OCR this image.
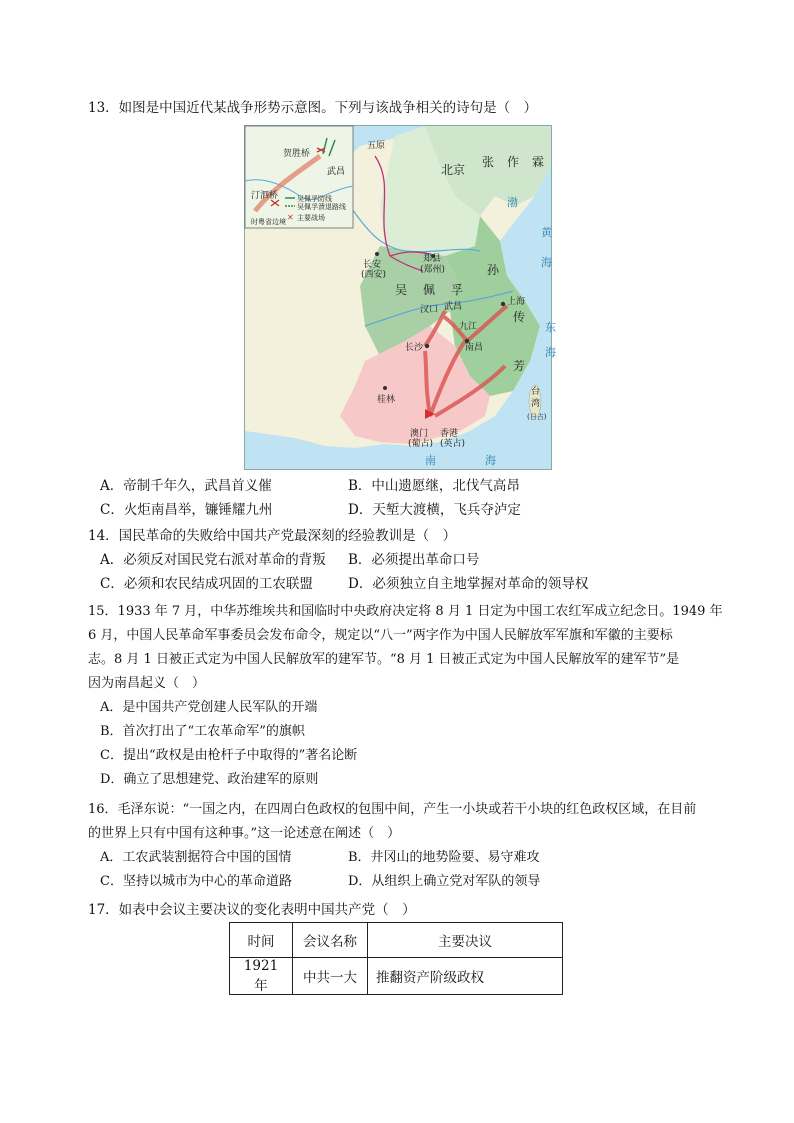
13．如图是中国近代某战争形势示意图。下列与该战争相关的诗句是（　）
贺胜桥
汀泗桥
武昌
时粤省边境
吴佩孚防线
吴佩孚溃退路线
✕ 主要战场
张 作 霖
吴 佩 孚
孙
传
芳
五原
北京
郑县
(郑州)
长安
(西安)
汉口 武昌
九江
南昌
长沙
上海
桂林
澳门
(葡占)
香港
(英占)
渤
黄
海
东
海
台
湾
(日占)
南	海
A．帝制千年久，武昌首义催	B．中山遗愿继，北伐气高昂
C．火炬南昌举，镰锤耀九州	D．天堑大渡横，飞兵夺泸定
14．国民革命的失败给中国共产党最深刻的经验教训是（　）
A．必须反对国民党右派对革命的背叛	B．必须提出革命口号
C．必须和农民结成巩固的工农联盟	D．必须独立自主地掌握对革命的领导权
15．1933 年 7 月，中华苏维埃共和国临时中央政府决定将 8 月 1 日定为中国工农红军成立纪念日。1949 年
6 月，中国人民革命军事委员会发布命令，规定以“八一”两字作为中国人民解放军军旗和军徽的主要标
志。8 月 1 日被正式定为中国人民解放军的建军节。“8 月 1 日被正式定为中国人民解放军的建军节”是
因为南昌起义（　）
A．是中国共产党创建人民军队的开端
B．首次打出了“工农革命军”的旗帜
C．提出“政权是由枪杆子中取得的”著名论断
D．确立了思想建党、政治建军的原则
16．毛泽东说：“一国之内，在四周白色政权的包围中间，产生一小块或若干小块的红色政权区域，在目前
的世界上只有中国有这种事。”这一论述意在阐述（　）
A．工农武装割据符合中国的国情	B．井冈山的地势险要、易守难攻
C．坚持以城市为中心的革命道路	D．从组织上确立党对军队的领导
17．如表中会议主要决议的变化表明中国共产党（　）
时间	会议名称	主要决议
1921 年	中共一大	推翻资产阶级政权
